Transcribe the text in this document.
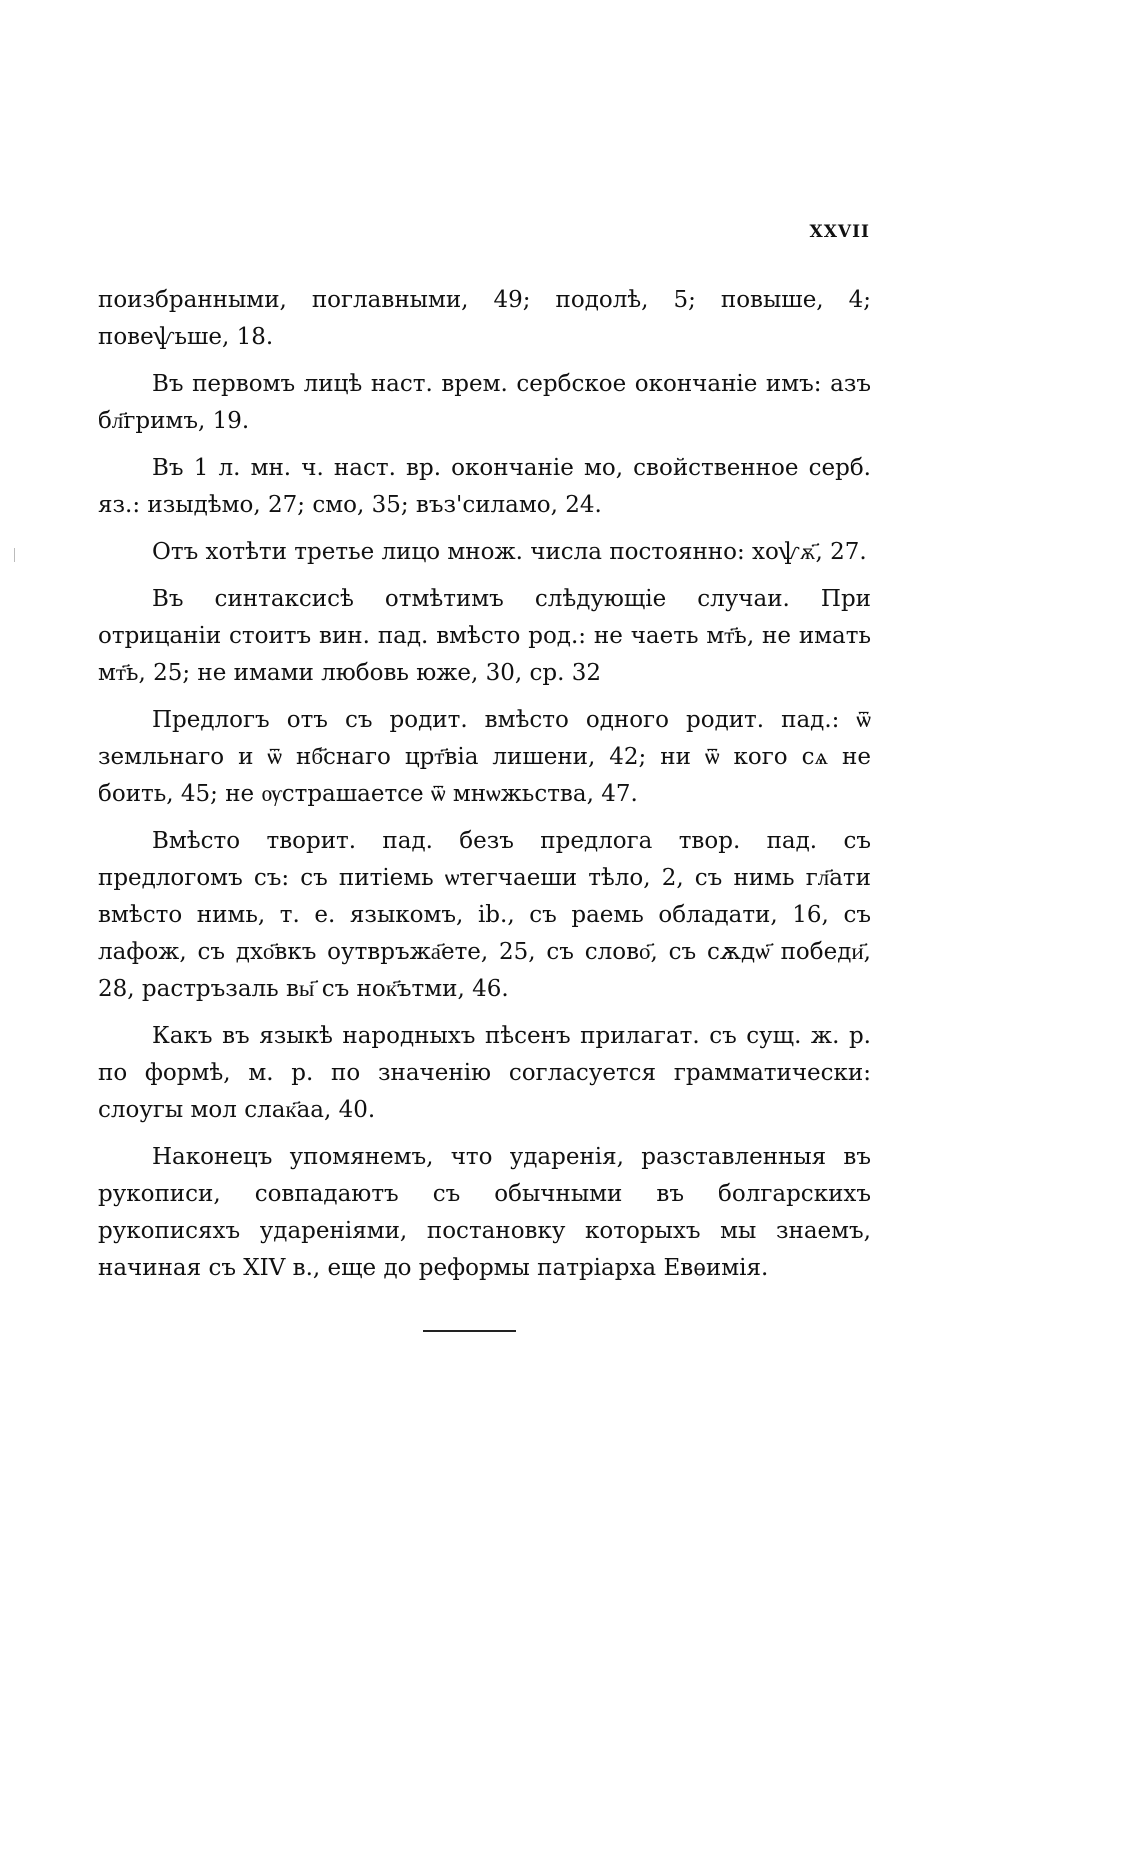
XXVII

поизбранными, поглавными, 49; подолѣ, 5; повыше, 4; повеѱьше, 18.

Въ первомъ лицѣ наст. врем. сербское окончаніе имъ: азъ бл҃гримъ, 19.

Въ 1 л. мн. ч. наст. вр. окончаніе мо, свойственное серб. яз.: изыдѣмо, 27; смо, 35; въз'силамо, 24.

Отъ хотѣти третье лицо множ. числа постоянно: хоѱѫ҃, 27.

Въ синтаксисѣ отмѣтимъ слѣдующіе случаи. При отрицаніи стоитъ вин. пад. вмѣсто род.: не чаеть мт҃ь, не имать мт҃ь, 25; не имами любовь юже, 30, ср. 32

Предлогъ отъ съ родит. вмѣсто одного родит. пад.: ѿ земльнаго и ѿ нб҃снаго црт҃віа лишени, 42; ни ѿ кого сѧ не боить, 45; не ѹстрашаетсе ѿ мнѡжьства, 47.

Вмѣсто творит. пад. безъ предлога твор. пад. съ предлогомъ съ: съ питіемь ѡтегчаеши тѣло, 2, съ нимь гл҃ати вмѣсто нимь, т. е. языкомъ, ib., съ раемь обладати, 16, съ лафож, съ дхо҃вкъ оутвръжа҃ете, 25, съ слово҃, съ сѫдѡ҃ победи҃, 28, растръзаль вы҃ съ нок҃ътми, 46.

Какъ въ языкѣ народныхъ пѣсенъ прилагат. съ сущ. ж. р. по формѣ, м. р. по значенію согласуется грамматически: слоугы мол слак҃аа, 40.

Наконецъ упомянемъ, что ударенія, разставленныя въ рукописи, совпадаютъ съ обычными въ болгарскихъ рукописяхъ удареніями, постановку которыхъ мы знаемъ, начиная съ XIV в., еще до реформы патріарха Евѳимія.
